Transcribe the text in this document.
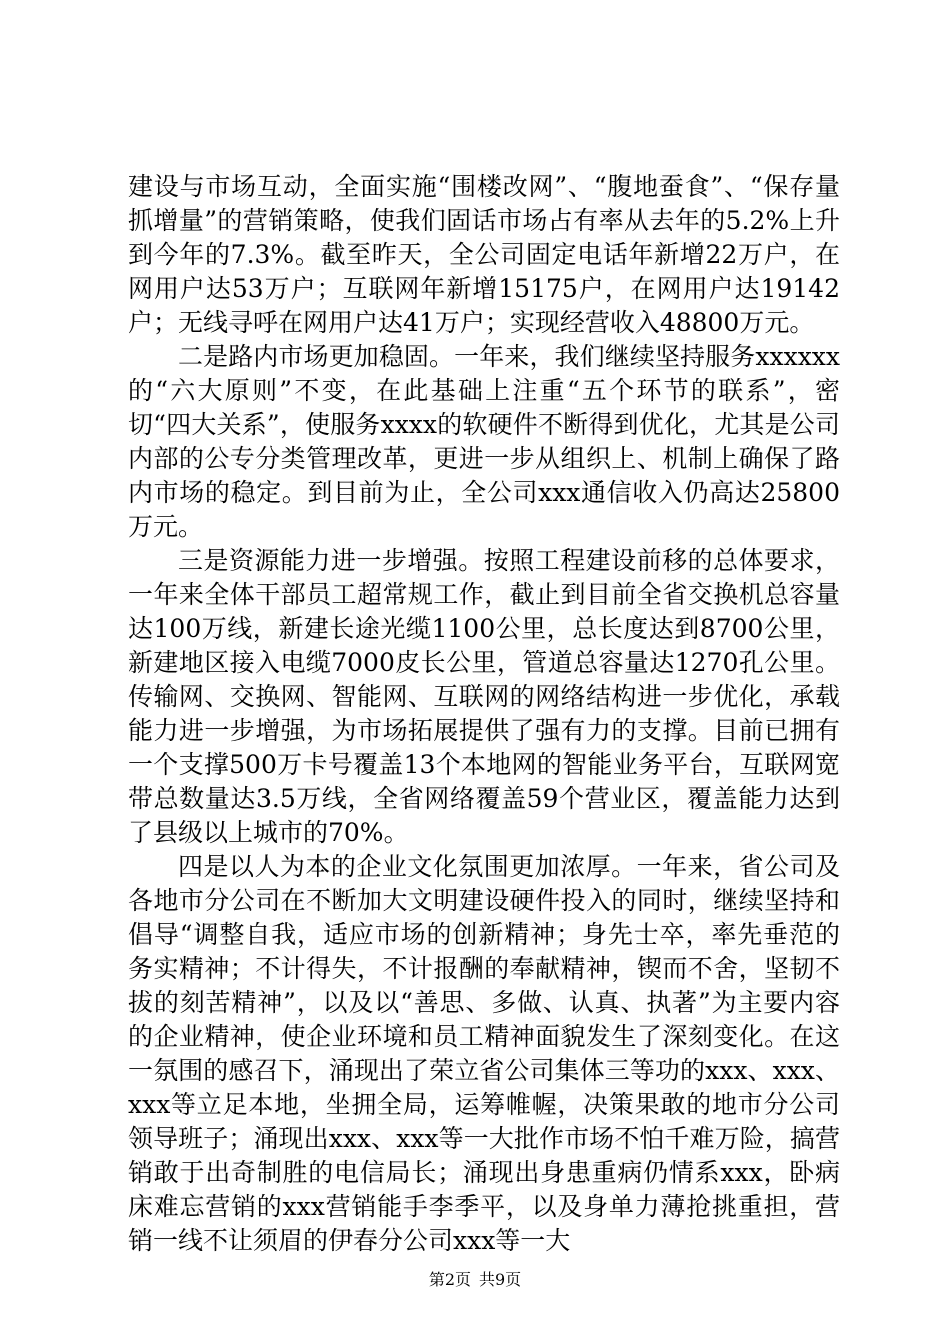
建设与市场互动，全面实施“围楼改网”、“腹地蚕食”、“保存量抓增量”的营销策略，使我们固话市场占有率从去年的5.2%上升到今年的7.3%。截至昨天，全公司固定电话年新增22万户，在网用户达53万户；互联网年新增15175户，在网用户达19142户；无线寻呼在网用户达41万户；实现经营收入48800万元。

二是路内市场更加稳固。一年来，我们继续坚持服务xxxxxx的“六大原则”不变，在此基础上注重“五个环节的联系”，密切“四大关系”，使服务xxxx的软硬件不断得到优化，尤其是公司内部的公专分类管理改革，更进一步从组织上、机制上确保了路内市场的稳定。到目前为止，全公司xxx通信收入仍高达25800万元。

三是资源能力进一步增强。按照工程建设前移的总体要求，一年来全体干部员工超常规工作，截止到目前全省交换机总容量达100万线，新建长途光缆1100公里，总长度达到8700公里，新建地区接入电缆7000皮长公里，管道总容量达1270孔公里。传输网、交换网、智能网、互联网的网络结构进一步优化，承载能力进一步增强，为市场拓展提供了强有力的支撑。目前已拥有一个支撑500万卡号覆盖13个本地网的智能业务平台，互联网宽带总数量达3.5万线，全省网络覆盖59个营业区，覆盖能力达到了县级以上城市的70%。

四是以人为本的企业文化氛围更加浓厚。一年来，省公司及各地市分公司在不断加大文明建设硬件投入的同时，继续坚持和倡导“调整自我，适应市场的创新精神；身先士卒，率先垂范的务实精神；不计得失，不计报酬的奉献精神，锲而不舍，坚韧不拔的刻苦精神”，以及以“善思、多做、认真、执著”为主要内容的企业精神，使企业环境和员工精神面貌发生了深刻变化。在这一氛围的感召下，涌现出了荣立省公司集体三等功的xxx、xxx、xxx等立足本地，坐拥全局，运筹帷幄，决策果敢的地市分公司领导班子；涌现出xxx、xxx等一大批作市场不怕千难万险，搞营销敢于出奇制胜的电信局长；涌现出身患重病仍情系xxx，卧病床难忘营销的xxx营销能手李季平，以及身单力薄抢挑重担，营销一线不让须眉的伊春分公司xxx等一大

第2页 共9页
